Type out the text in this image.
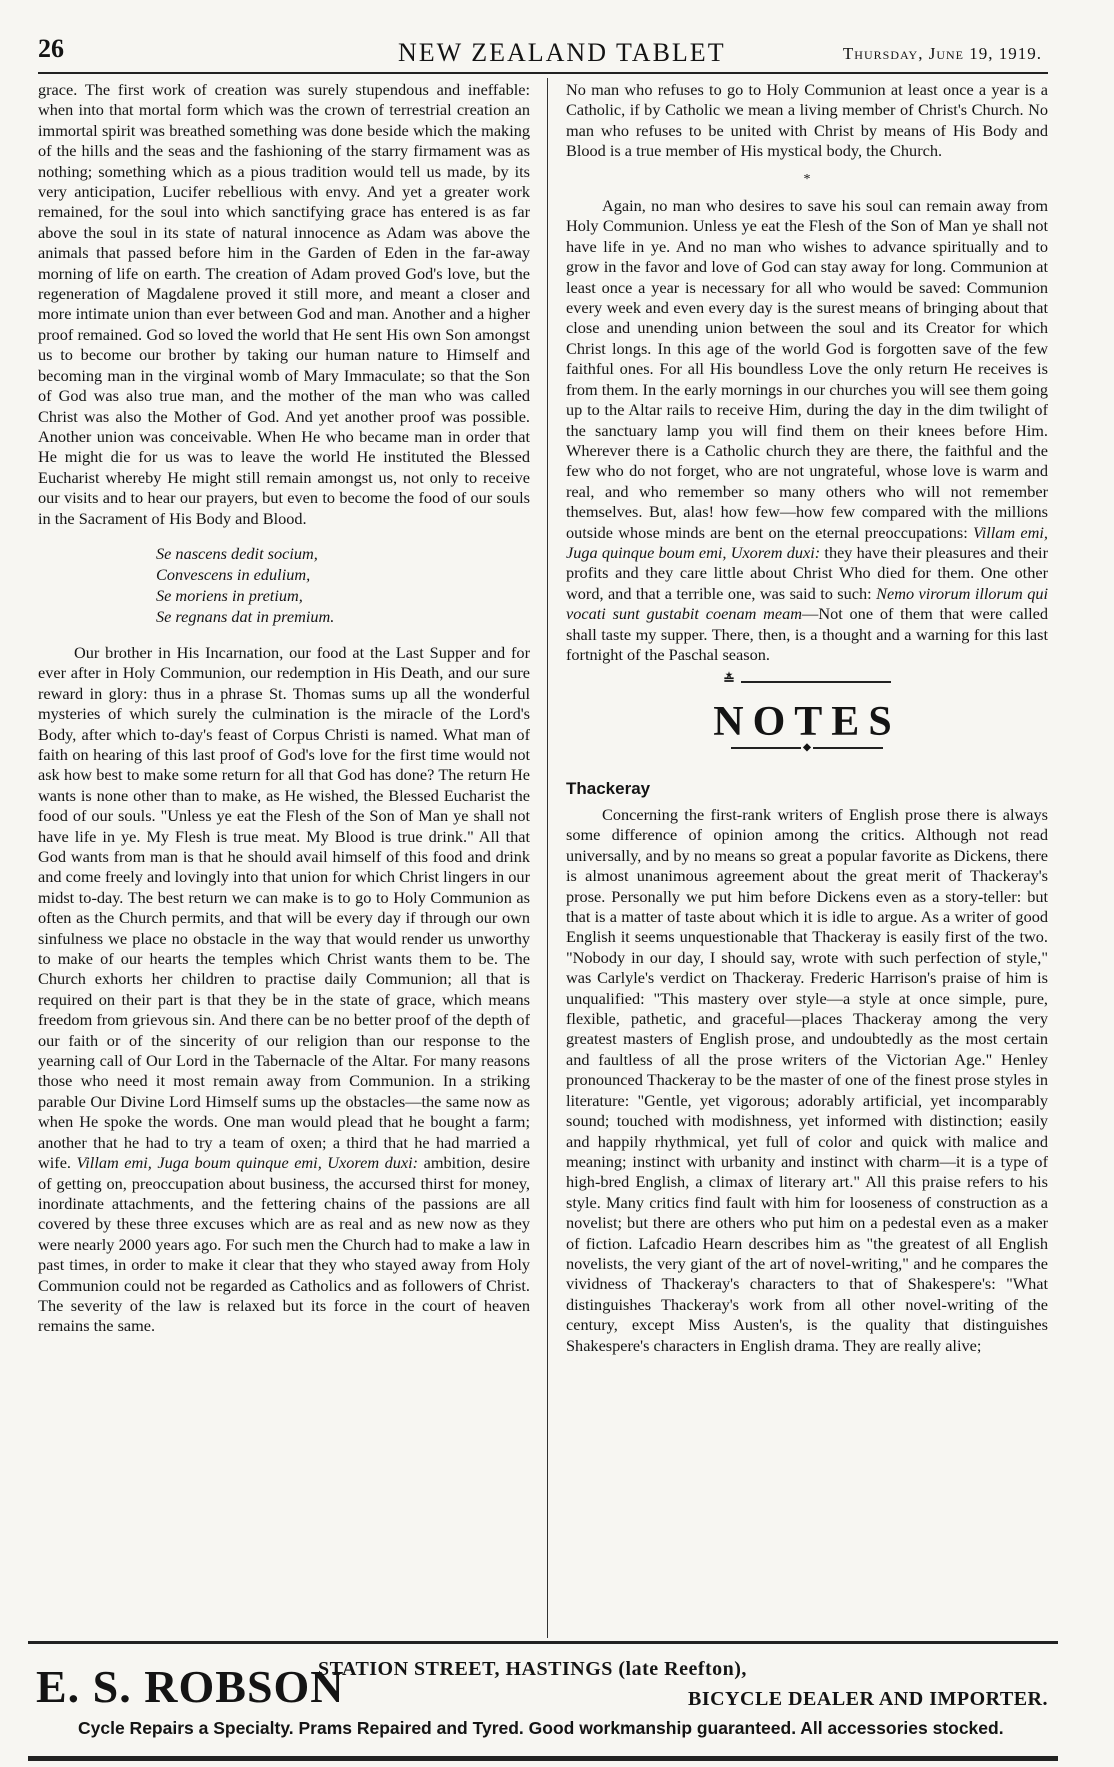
26	NEW ZEALAND TABLET	Thursday, June 19, 1919.

grace. The first work of creation was surely stupendous and ineffable: when into that mortal form which was the crown of terrestrial creation an immortal spirit was breathed something was done beside which the making of the hills and the seas and the fashioning of the starry firmament was as nothing; something which as a pious tradition would tell us made, by its very anticipation, Lucifer rebellious with envy. And yet a greater work remained, for the soul into which sanctifying grace has entered is as far above the soul in its state of natural innocence as Adam was above the animals that passed before him in the Garden of Eden in the far-away morning of life on earth. The creation of Adam proved God's love, but the regeneration of Magdalene proved it still more, and meant a closer and more intimate union than ever between God and man. Another and a higher proof remained. God so loved the world that He sent His own Son amongst us to become our brother by taking our human nature to Himself and becoming man in the virginal womb of Mary Immaculate; so that the Son of God was also true man, and the mother of the man who was called Christ was also the Mother of God. And yet another proof was possible. Another union was conceivable. When He who became man in order that He might die for us was to leave the world He instituted the Blessed Eucharist whereby He might still remain amongst us, not only to receive our visits and to hear our prayers, but even to become the food of our souls in the Sacrament of His Body and Blood.

Se nascens dedit socium,
Convescens in edulium,
Se moriens in pretium,
Se regnans dat in premium.

Our brother in His Incarnation, our food at the Last Supper and for ever after in Holy Communion, our redemption in His Death, and our sure reward in glory: thus in a phrase St. Thomas sums up all the wonderful mysteries of which surely the culmination is the miracle of the Lord's Body, after which to-day's feast of Corpus Christi is named. What man of faith on hearing of this last proof of God's love for the first time would not ask how best to make some return for all that God has done? The return He wants is none other than to make, as He wished, the Blessed Eucharist the food of our souls. "Unless ye eat the Flesh of the Son of Man ye shall not have life in ye. My Flesh is true meat. My Blood is true drink." All that God wants from man is that he should avail himself of this food and drink and come freely and lovingly into that union for which Christ lingers in our midst to-day. The best return we can make is to go to Holy Communion as often as the Church permits, and that will be every day if through our own sinfulness we place no obstacle in the way that would render us unworthy to make of our hearts the temples which Christ wants them to be. The Church exhorts her children to practise daily Communion; all that is required on their part is that they be in the state of grace, which means freedom from grievous sin. And there can be no better proof of the depth of our faith or of the sincerity of our religion than our response to the yearning call of Our Lord in the Tabernacle of the Altar. For many reasons those who need it most remain away from Communion. In a striking parable Our Divine Lord Himself sums up the obstacles—the same now as when He spoke the words. One man would plead that he bought a farm; another that he had to try a team of oxen; a third that he had married a wife. Villam emi, Juga boum quinque emi, Uxorem duxi: ambition, desire of getting on, preoccupation about business, the accursed thirst for money, inordinate attachments, and the fettering chains of the passions are all covered by these three excuses which are as real and as new now as they were nearly 2000 years ago. For such men the Church had to make a law in past times, in order to make it clear that they who stayed away from Holy Communion could not be regarded as Catholics and as followers of Christ. The severity of the law is relaxed but its force in the court of heaven remains the same.

No man who refuses to go to Holy Communion at least once a year is a Catholic, if by Catholic we mean a living member of Christ's Church. No man who refuses to be united with Christ by means of His Body and Blood is a true member of His mystical body, the Church.

*

Again, no man who desires to save his soul can remain away from Holy Communion. Unless ye eat the Flesh of the Son of Man ye shall not have life in ye. And no man who wishes to advance spiritually and to grow in the favor and love of God can stay away for long. Communion at least once a year is necessary for all who would be saved: Communion every week and even every day is the surest means of bringing about that close and unending union between the soul and its Creator for which Christ longs. In this age of the world God is forgotten save of the few faithful ones. For all His boundless Love the only return He receives is from them. In the early mornings in our churches you will see them going up to the Altar rails to receive Him, during the day in the dim twilight of the sanctuary lamp you will find them on their knees before Him. Wherever there is a Catholic church they are there, the faithful and the few who do not forget, who are not ungrateful, whose love is warm and real, and who remember so many others who will not remember themselves. But, alas! how few—how few compared with the millions outside whose minds are bent on the eternal preoccupations: Villam emi, Juga quinque boum emi, Uxorem duxi: they have their pleasures and their profits and they care little about Christ Who died for them. One other word, and that a terrible one, was said to such: Nemo virorum illorum qui vocati sunt gustabit coenam meam—Not one of them that were called shall taste my supper. There, then, is a thought and a warning for this last fortnight of the Paschal season.

≛
NOTES
◆
Thackeray

Concerning the first-rank writers of English prose there is always some difference of opinion among the critics. Although not read universally, and by no means so great a popular favorite as Dickens, there is almost unanimous agreement about the great merit of Thackeray's prose. Personally we put him before Dickens even as a story-teller: but that is a matter of taste about which it is idle to argue. As a writer of good English it seems unquestionable that Thackeray is easily first of the two. "Nobody in our day, I should say, wrote with such perfection of style," was Carlyle's verdict on Thackeray. Frederic Harrison's praise of him is unqualified: "This mastery over style—a style at once simple, pure, flexible, pathetic, and graceful—places Thackeray among the very greatest masters of English prose, and undoubtedly as the most certain and faultless of all the prose writers of the Victorian Age." Henley pronounced Thackeray to be the master of one of the finest prose styles in literature: "Gentle, yet vigorous; adorably artificial, yet incomparably sound; touched with modishness, yet informed with distinction; easily and happily rhythmical, yet full of color and quick with malice and meaning; instinct with urbanity and instinct with charm—it is a type of high-bred English, a climax of literary art." All this praise refers to his style. Many critics find fault with him for looseness of construction as a novelist; but there are others who put him on a pedestal even as a maker of fiction. Lafcadio Hearn describes him as "the greatest of all English novelists, the very giant of the art of novel-writing," and he compares the vividness of Thackeray's characters to that of Shakespere's: "What distinguishes Thackeray's work from all other novel-writing of the century, except Miss Austen's, is the quality that distinguishes Shakespere's characters in English drama. They are really alive;

E. S. ROBSON
STATION STREET, HASTINGS (late Reefton),
BICYCLE DEALER AND IMPORTER.
Cycle Repairs a Specialty. Prams Repaired and Tyred. Good workmanship guaranteed. All accessories stocked.
